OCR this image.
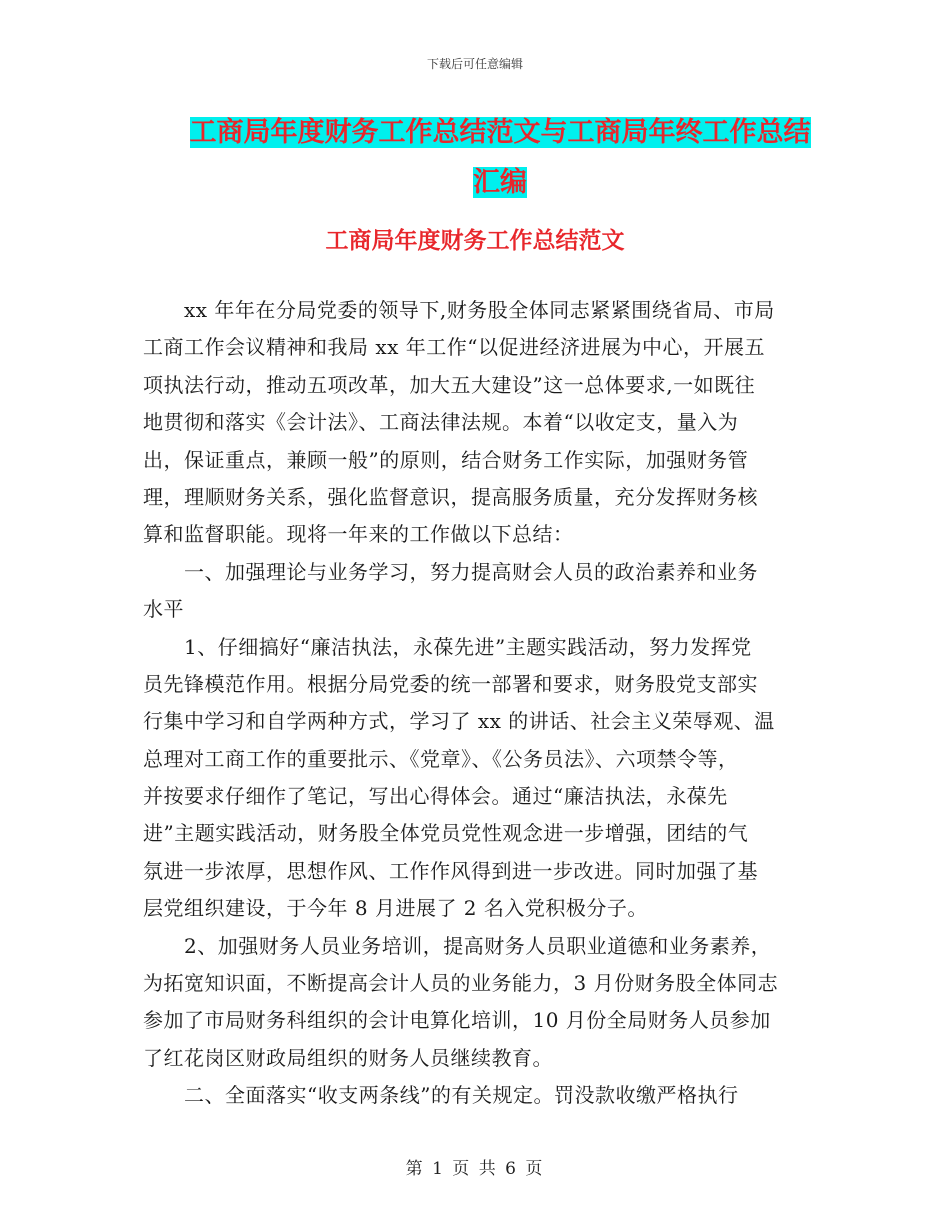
下载后可任意编辑
工商局年度财务工作总结范文与工商局年终工作总结
汇编
工商局年度财务工作总结范文
　　xx 年年在分局党委的领导下,财务股全体同志紧紧围绕省局、市局
工商工作会议精神和我局 xx 年工作“以促进经济进展为中心，开展五
项执法行动，推动五项改革，加大五大建设”这一总体要求,一如既往
地贯彻和落实《会计法》、工商法律法规。本着“以收定支，量入为
出，保证重点，兼顾一般”的原则，结合财务工作实际，加强财务管
理，理顺财务关系，强化监督意识，提高服务质量，充分发挥财务核
算和监督职能。现将一年来的工作做以下总结：
　　一、加强理论与业务学习，努力提高财会人员的政治素养和业务
水平
　　1、仔细搞好“廉洁执法，永葆先进”主题实践活动，努力发挥党
员先锋模范作用。根据分局党委的统一部署和要求，财务股党支部实
行集中学习和自学两种方式，学习了 xx 的讲话、社会主义荣辱观、温
总理对工商工作的重要批示、《党章》、《公务员法》、六项禁令等，
并按要求仔细作了笔记，写出心得体会。通过“廉洁执法，永葆先
进”主题实践活动，财务股全体党员党性观念进一步增强，团结的气
氛进一步浓厚，思想作风、工作作风得到进一步改进。同时加强了基
层党组织建设，于今年 8 月进展了 2 名入党积极分子。
　　2、加强财务人员业务培训，提高财务人员职业道德和业务素养，
为拓宽知识面，不断提高会计人员的业务能力，3 月份财务股全体同志
参加了市局财务科组织的会计电算化培训，10 月份全局财务人员参加
了红花岗区财政局组织的财务人员继续教育。
　　二、全面落实“收支两条线”的有关规定。罚没款收缴严格执行
第 1 页 共 6 页
